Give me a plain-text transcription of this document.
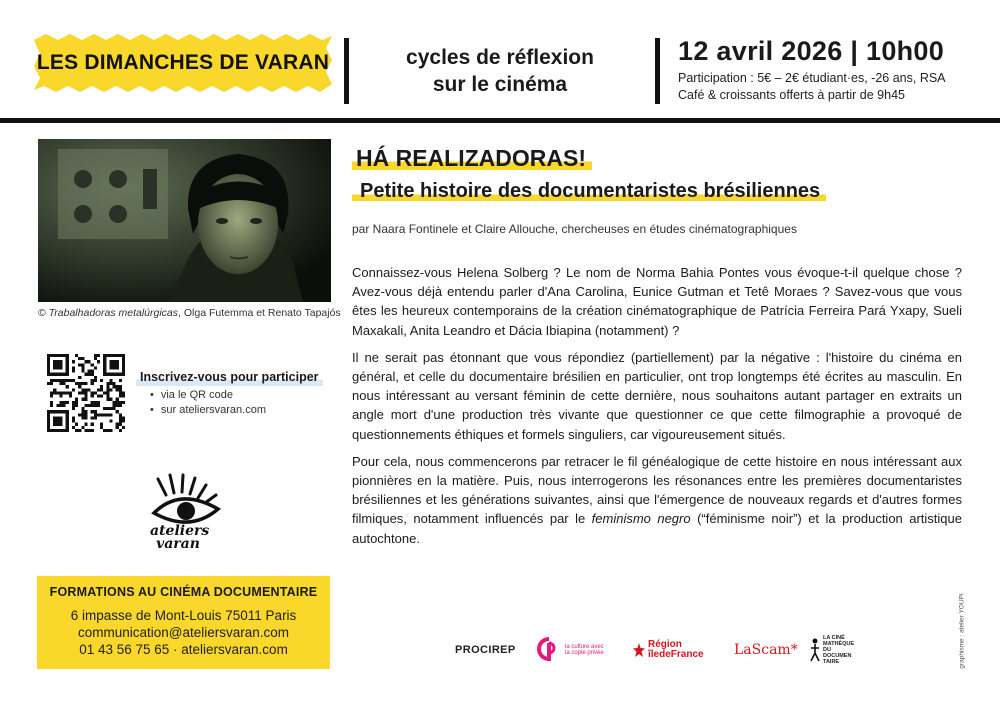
LES DIMANCHES DE VARAN	cycles de réflexion
sur le cinéma
12 avril 2026 | 10h00
Participation : 5€ – 2€ étudiant·es, -26 ans, RSA
Café & croissants offerts à partir de 9h45
© Trabalhadoras metalúrgicas, Olga Futemma et Renato Tapajós
Inscrivez-vous pour participer
• via le QR code
• sur ateliersvaran.com
ateliers
varan
FORMATIONS AU CINÉMA DOCUMENTAIRE
6 impasse de Mont-Louis 75011 Paris
communication@ateliersvaran.com
01 43 56 75 65 · ateliersvaran.com
HÁ REALIZADORAS!
Petite histoire des documentaristes brésiliennes
par Naara Fontinele et Claire Allouche, chercheuses en études cinématographiques

Connaissez-vous Helena Solberg ? Le nom de Norma Bahia Pontes vous évoque-t-il quelque chose ? Avez-vous déjà entendu parler d'Ana Carolina, Eunice Gutman et Tetê Moraes ? Savez-vous que vous êtes les heureux contemporains de la création cinématographique de Patrícia Ferreira Pará Yxapy, Sueli Maxakali, Anita Leandro et Dácia Ibiapina (notamment) ?

Il ne serait pas étonnant que vous répondiez (partiellement) par la négative : l'histoire du cinéma en général, et celle du documentaire brésilien en particulier, ont trop longtemps été écrites au masculin. En nous intéressant au versant féminin de cette dernière, nous souhaitons autant partager en extraits un angle mort d'une production très vivante que questionner ce que cette filmographie a provoqué de questionnements éthiques et formels singuliers, car vigoureusement situés.

Pour cela, nous commencerons par retracer le fil généalogique de cette histoire en nous intéressant aux pionnières en la matière. Puis, nous interrogerons les résonances entre les premières documentaristes brésiliennes et les générations suivantes, ainsi que l'émergence de nouveaux regards et d'autres formes filmiques, notamment influencés par le feminismo negro (“féminisme noir”) et la production artistique autochtone.

graphisme : atelier YOUPI
PROCIREP	la culture avec
la copie privée
Région
îledeFrance LaScam*
LA CINÉ
MATHÈQUE
DU
DOCUMEN
TAIRE
